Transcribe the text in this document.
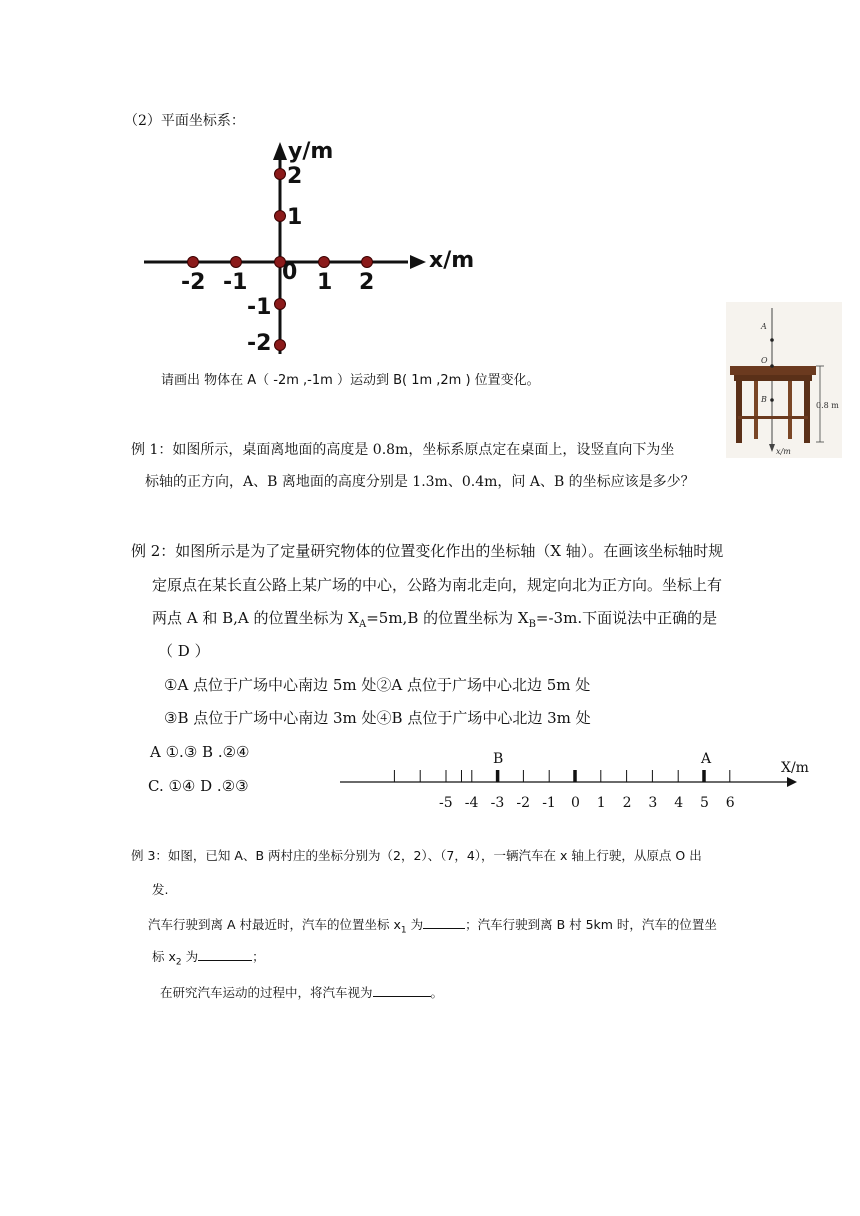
（2）平面坐标系：
x/m
y/m
-2 -1 0 1 2
2
1
-1
-2
请画出 物体在 A（ -2m ,-1m ）运动到 B( 1m ,2m ) 位置变化。
A
O
B
0.8 m
x/m
例 1：如图所示，桌面离地面的高度是 0.8m，坐标系原点定在桌面上，设竖直向下为坐
标轴的正方向，A、B 离地面的高度分别是 1.3m、0.4m，问 A、B 的坐标应该是多少？
例 2：如图所示是为了定量研究物体的位置变化作出的坐标轴（X 轴）。在画该坐标轴时规
定原点在某长直公路上某广场的中心，公路为南北走向，规定向北为正方向。坐标上有
两点 A 和 B,A 的位置坐标为 $X_A=5m,B$ 的位置坐标为 $X_B=-3m$.下面说法中正确的是
（ D ）
①A 点位于广场中心南边 5m 处②A 点位于广场中心北边 5m 处
③B 点位于广场中心南边 3m 处④B 点位于广场中心北边 3m 处
A ①.③ B .②④
C. ①④ D .②③
X/m
B	A
-5 -4 -3 -2 -1 0 1 2 3 4 5 6
例 3：如图，已知 A、B 两村庄的坐标分别为（2，2）、（7，4），一辆汽车在 x 轴上行驶，从原点 O 出
发.
汽车行驶到离 A 村最近时，汽车的位置坐标 $x_1$ 为	；汽车行驶到离 B 村 5km 时，汽车的位置坐
标 $x_2$ 为	；
在研究汽车运动的过程中，将汽车视为	。
